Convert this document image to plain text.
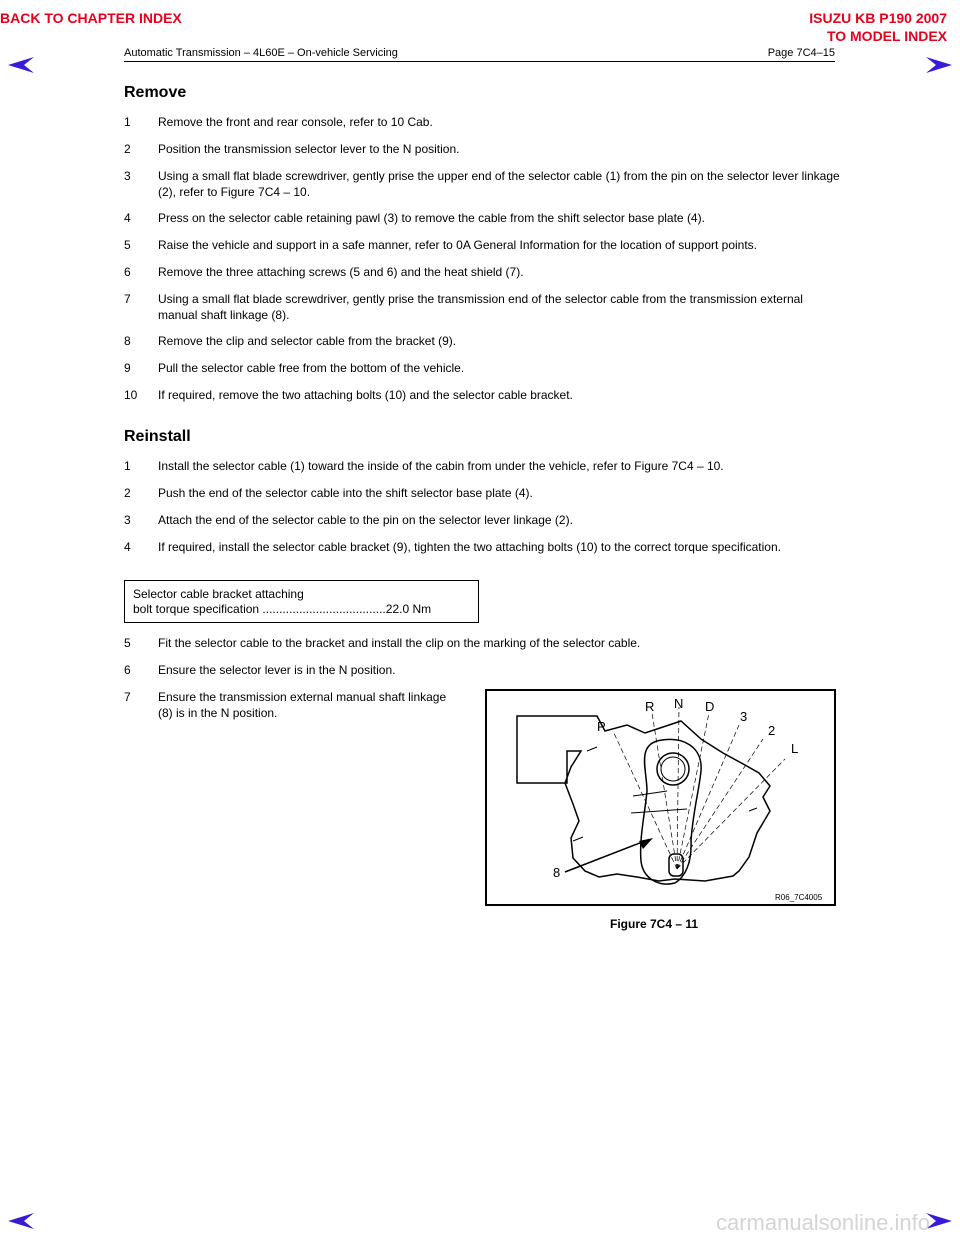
BACK TO CHAPTER INDEX	ISUZU KB P190 2007
TO MODEL INDEX
Automatic Transmission – 4L60E – On-vehicle Servicing	Page 7C4–15
Remove
1 Remove the front and rear console, refer to 10 Cab.
2 Position the transmission selector lever to the N position.
3 Using a small flat blade screwdriver, gently prise the upper end of the selector cable (1) from the pin on the selector lever linkage (2), refer to Figure 7C4 – 10.
4 Press on the selector cable retaining pawl (3) to remove the cable from the shift selector base plate (4).
5 Raise the vehicle and support in a safe manner, refer to 0A General Information for the location of support points.
6 Remove the three attaching screws (5 and 6) and the heat shield (7).
7 Using a small flat blade screwdriver, gently prise the transmission end of the selector cable from the transmission external manual shaft linkage (8).
8 Remove the clip and selector cable from the bracket (9).
9 Pull the selector cable free from the bottom of the vehicle.
10 If required, remove the two attaching bolts (10) and the selector cable bracket.
Reinstall
1 Install the selector cable (1) toward the inside of the cabin from under the vehicle, refer to Figure 7C4 – 10.
2 Push the end of the selector cable into the shift selector base plate (4).
3 Attach the end of the selector cable to the pin on the selector lever linkage (2).
4 If required, install the selector cable bracket (9), tighten the two attaching bolts (10) to the correct torque specification.
Selector cable bracket attaching
bolt torque specification .....................................22.0 Nm
5 Fit the selector cable to the bracket and install the clip on the marking of the selector cable.
6 Ensure the selector lever is in the N position.
7 Ensure the transmission external manual shaft linkage (8) is in the N position.
P
R N D
3
2
L
8
R06_7C4005
Figure 7C4 – 11
carmanualsonline.info
